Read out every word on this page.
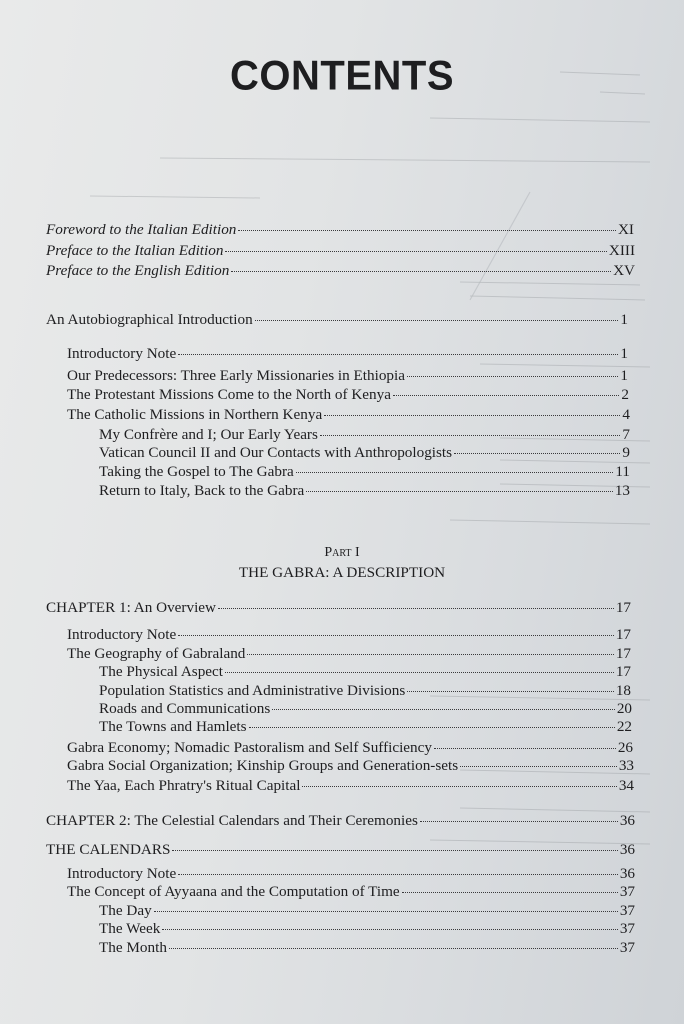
CONTENTS
Foreword to the Italian Edition	XI
Preface to the Italian Edition	XIII
Preface to the English Edition	XV
An Autobiographical Introduction	1
Introductory Note	1
Our Predecessors: Three Early Missionaries in Ethiopia	1
The Protestant Missions Come to the North of Kenya	2
The Catholic Missions in Northern Kenya	4
My Confrère and I; Our Early Years	7
Vatican Council II and Our Contacts with Anthropologists	9
Taking the Gospel to The Gabra	11
Return to Italy, Back to the Gabra	13
Part I
THE GABRA: A DESCRIPTION
CHAPTER 1: An Overview	17
Introductory Note	17
The Geography of Gabraland	17
The Physical Aspect	17
Population Statistics and Administrative Divisions	18
Roads and Communications	20
The Towns and Hamlets	22
Gabra Economy; Nomadic Pastoralism and Self Sufficiency	26
Gabra Social Organization; Kinship Groups and Generation-sets	33
The Yaa, Each Phratry's Ritual Capital	34
CHAPTER 2: The Celestial Calendars and Their Ceremonies	36
THE CALENDARS	36
Introductory Note	36
The Concept of Ayyaana and the Computation of Time	37
The Day	37
The Week	37
The Month	37
